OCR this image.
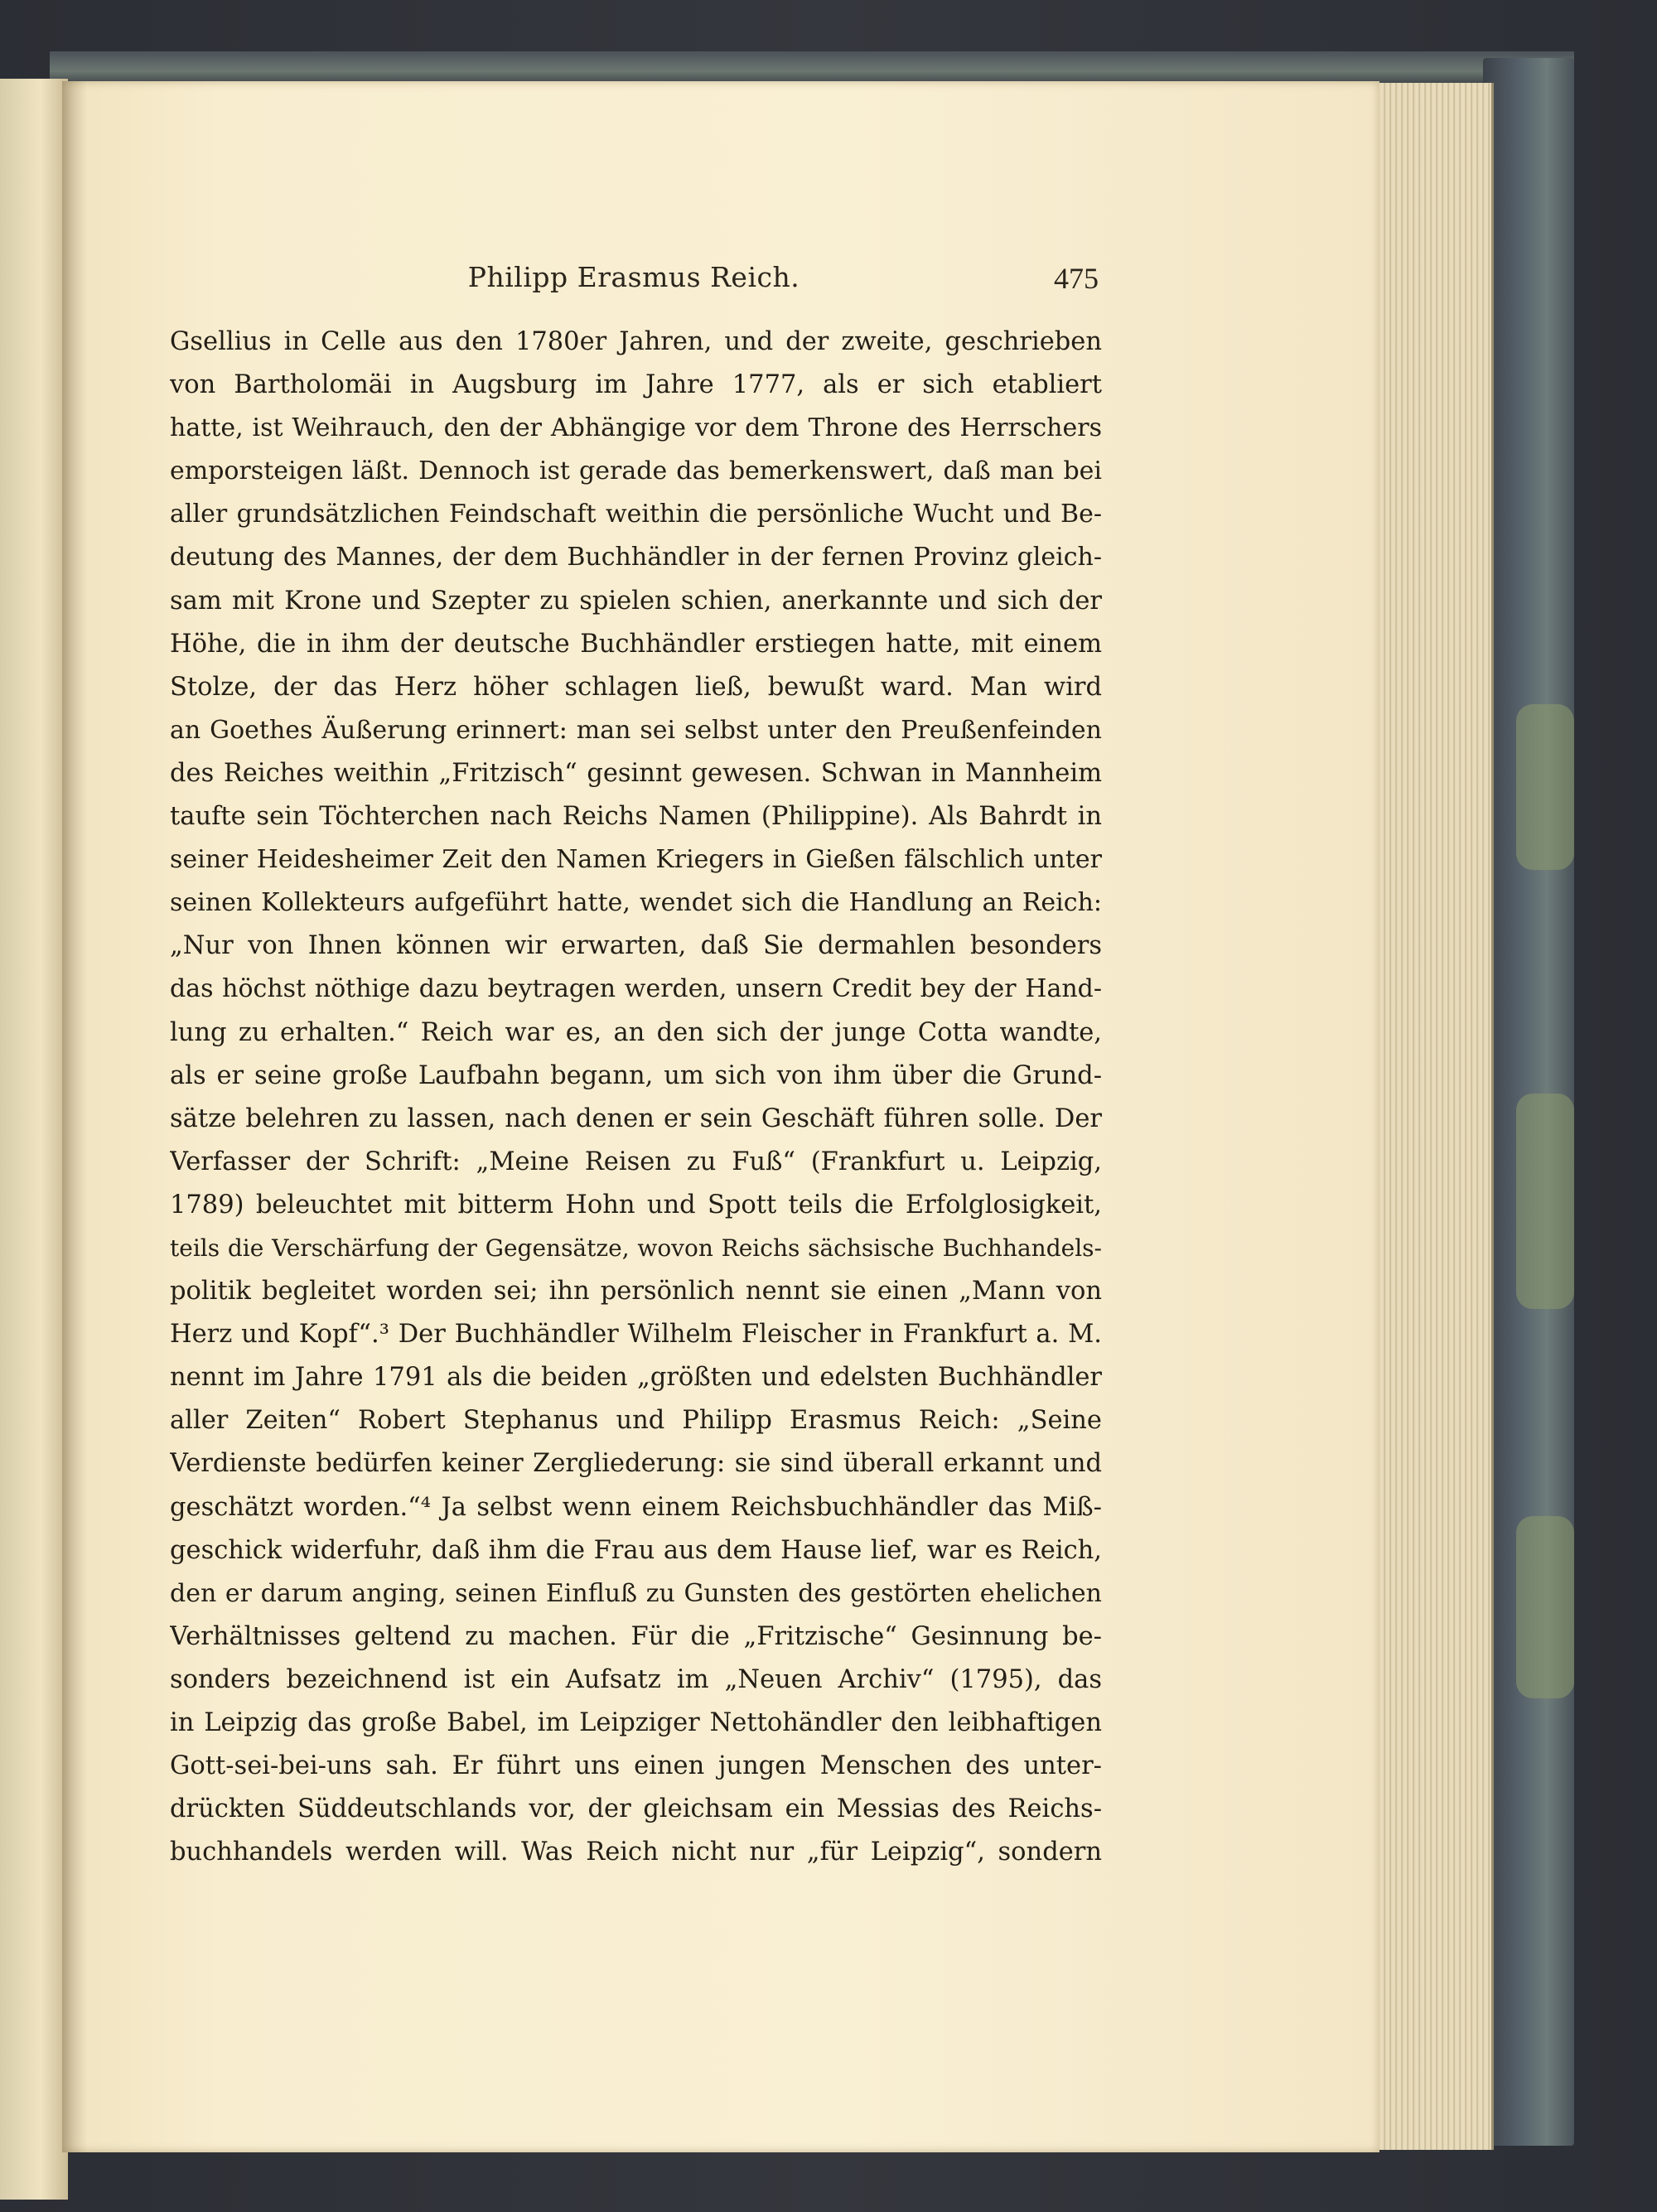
Philipp Erasmus Reich.	475
Gsellius in Celle aus den 1780er Jahren, und der zweite, geschrieben
von Bartholomäi in Augsburg im Jahre 1777, als er sich etabliert
hatte, ist Weihrauch, den der Abhängige vor dem Throne des Herrschers
emporsteigen läßt. Dennoch ist gerade das bemerkenswert, daß man bei
aller grundsätzlichen Feindschaft weithin die persönliche Wucht und Be-
deutung des Mannes, der dem Buchhändler in der fernen Provinz gleich-
sam mit Krone und Szepter zu spielen schien, anerkannte und sich der
Höhe, die in ihm der deutsche Buchhändler erstiegen hatte, mit einem
Stolze, der das Herz höher schlagen ließ, bewußt ward. Man wird
an Goethes Äußerung erinnert: man sei selbst unter den Preußenfeinden
des Reiches weithin „Fritzisch“ gesinnt gewesen. Schwan in Mannheim
taufte sein Töchterchen nach Reichs Namen (Philippine). Als Bahrdt in
seiner Heidesheimer Zeit den Namen Kriegers in Gießen fälschlich unter
seinen Kollekteurs aufgeführt hatte, wendet sich die Handlung an Reich:
„Nur von Ihnen können wir erwarten, daß Sie dermahlen besonders
das höchst nöthige dazu beytragen werden, unsern Credit bey der Hand-
lung zu erhalten.“ Reich war es, an den sich der junge Cotta wandte,
als er seine große Laufbahn begann, um sich von ihm über die Grund-
sätze belehren zu lassen, nach denen er sein Geschäft führen solle. Der
Verfasser der Schrift: „Meine Reisen zu Fuß“ (Frankfurt u. Leipzig,
1789) beleuchtet mit bitterm Hohn und Spott teils die Erfolglosigkeit,
teils die Verschärfung der Gegensätze, wovon Reichs sächsische Buchhandels-
politik begleitet worden sei; ihn persönlich nennt sie einen „Mann von
Herz und Kopf“.³ Der Buchhändler Wilhelm Fleischer in Frankfurt a. M.
nennt im Jahre 1791 als die beiden „größten und edelsten Buchhändler
aller Zeiten“ Robert Stephanus und Philipp Erasmus Reich: „Seine
Verdienste bedürfen keiner Zergliederung: sie sind überall erkannt und
geschätzt worden.“⁴ Ja selbst wenn einem Reichsbuchhändler das Miß-
geschick widerfuhr, daß ihm die Frau aus dem Hause lief, war es Reich,
den er darum anging, seinen Einfluß zu Gunsten des gestörten ehelichen
Verhältnisses geltend zu machen. Für die „Fritzische“ Gesinnung be-
sonders bezeichnend ist ein Aufsatz im „Neuen Archiv“ (1795), das
in Leipzig das große Babel, im Leipziger Nettohändler den leibhaftigen
Gott-sei-bei-uns sah. Er führt uns einen jungen Menschen des unter-
drückten Süddeutschlands vor, der gleichsam ein Messias des Reichs-
buchhandels werden will. Was Reich nicht nur „für Leipzig“, sondern
